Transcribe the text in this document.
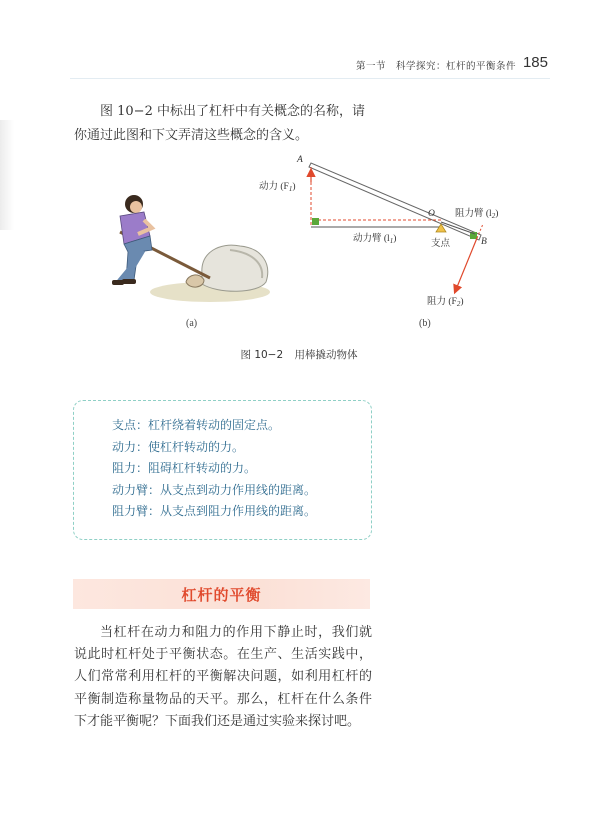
第一节　科学探究：杠杆的平衡条件 185

图 10−2 中标出了杠杆中有关概念的名称，请你通过此图和下文弄清这些概念的含义。

A
O
B
动力 $(F_1)$
动力臂 $(l_1)$
阻力臂 $(l_2)$
支点
阻力 $(F_2)$
(a)	(b)
图 10−2 用棒撬动物体
支点：杠杆绕着转动的固定点。
动力：使杠杆转动的力。
阻力：阻碍杠杆转动的力。
动力臂：从支点到动力作用线的距离。
阻力臂：从支点到阻力作用线的距离。
杠杆的平衡

当杠杆在动力和阻力的作用下静止时，我们就说此时杠杆处于平衡状态。在生产、生活实践中，人们常常利用杠杆的平衡解决问题，如利用杠杆的平衡制造称量物品的天平。那么，杠杆在什么条件下才能平衡呢？下面我们还是通过实验来探讨吧。
